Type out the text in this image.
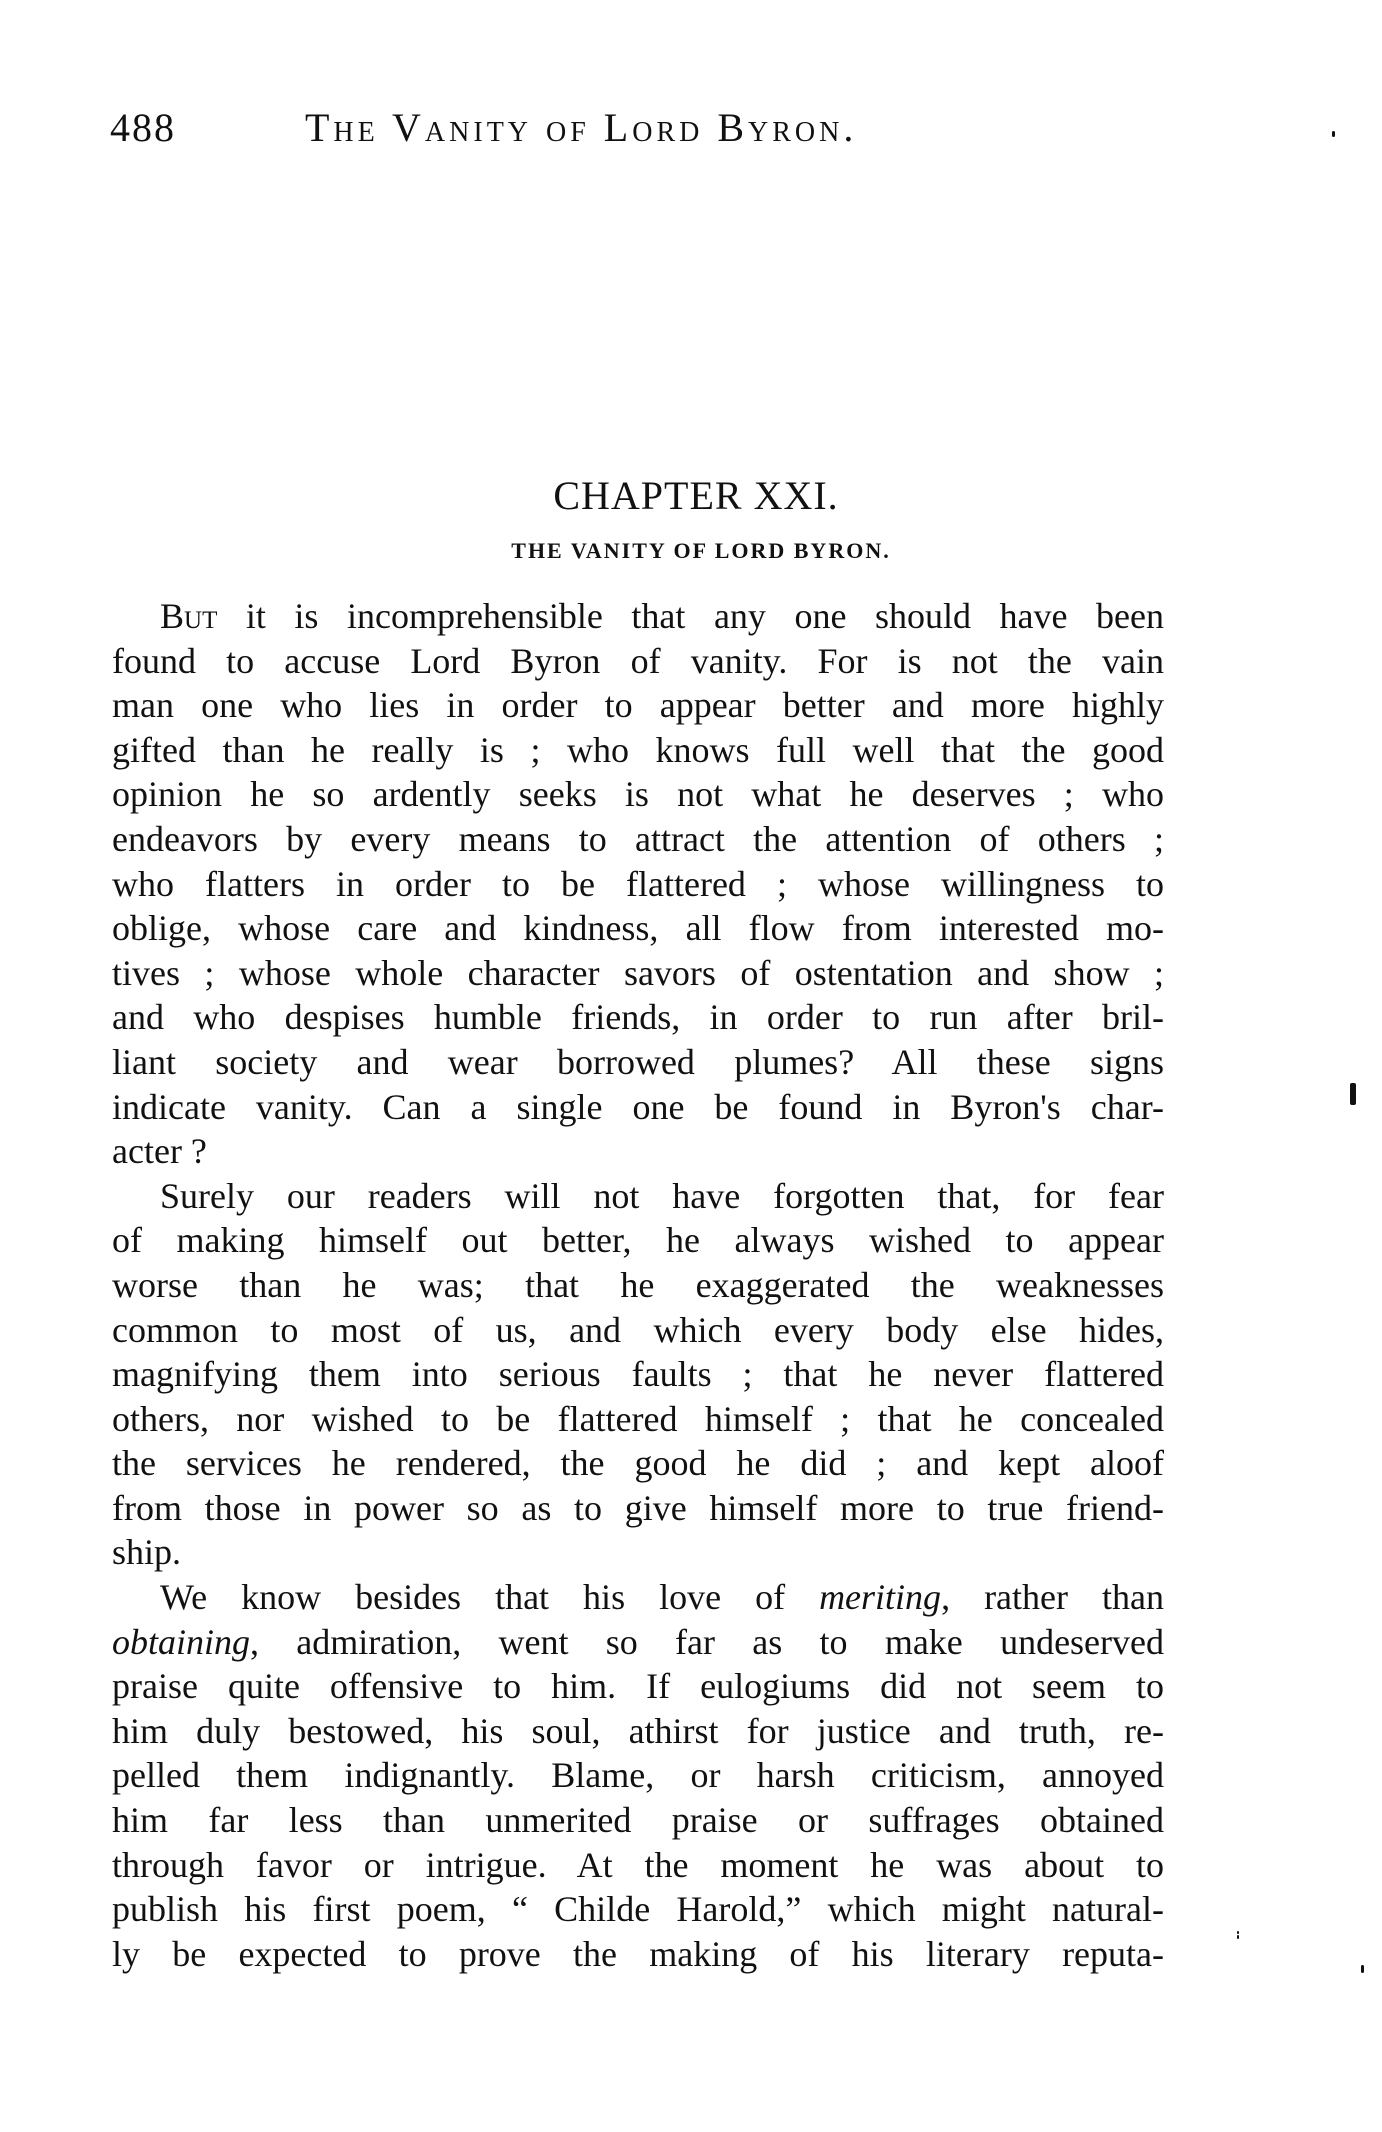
488	The Vanity of Lord Byron.
CHAPTER XXI.
THE VANITY OF LORD BYRON.
But it is incomprehensible that any one should have been
found to accuse Lord Byron of vanity. For is not the vain
man one who lies in order to appear better and more highly
gifted than he really is ; who knows full well that the good
opinion he so ardently seeks is not what he deserves ; who
endeavors by every means to attract the attention of others ;
who flatters in order to be flattered ; whose willingness to
oblige, whose care and kindness, all flow from interested mo-
tives ; whose whole character savors of ostentation and show ;
and who despises humble friends, in order to run after bril-
liant society and wear borrowed plumes? All these signs
indicate vanity. Can a single one be found in Byron's char-
acter ?
Surely our readers will not have forgotten that, for fear
of making himself out better, he always wished to appear
worse than he was; that he exaggerated the weaknesses
common to most of us, and which every body else hides,
magnifying them into serious faults ; that he never flattered
others, nor wished to be flattered himself ; that he concealed
the services he rendered, the good he did ; and kept aloof
from those in power so as to give himself more to true friend-
ship.
We know besides that his love of meriting, rather than
obtaining, admiration, went so far as to make undeserved
praise quite offensive to him. If eulogiums did not seem to
him duly bestowed, his soul, athirst for justice and truth, re-
pelled them indignantly. Blame, or harsh criticism, annoyed
him far less than unmerited praise or suffrages obtained
through favor or intrigue. At the moment he was about to
publish his first poem, “ Childe Harold,” which might natural-
ly be expected to prove the making of his literary reputa-
